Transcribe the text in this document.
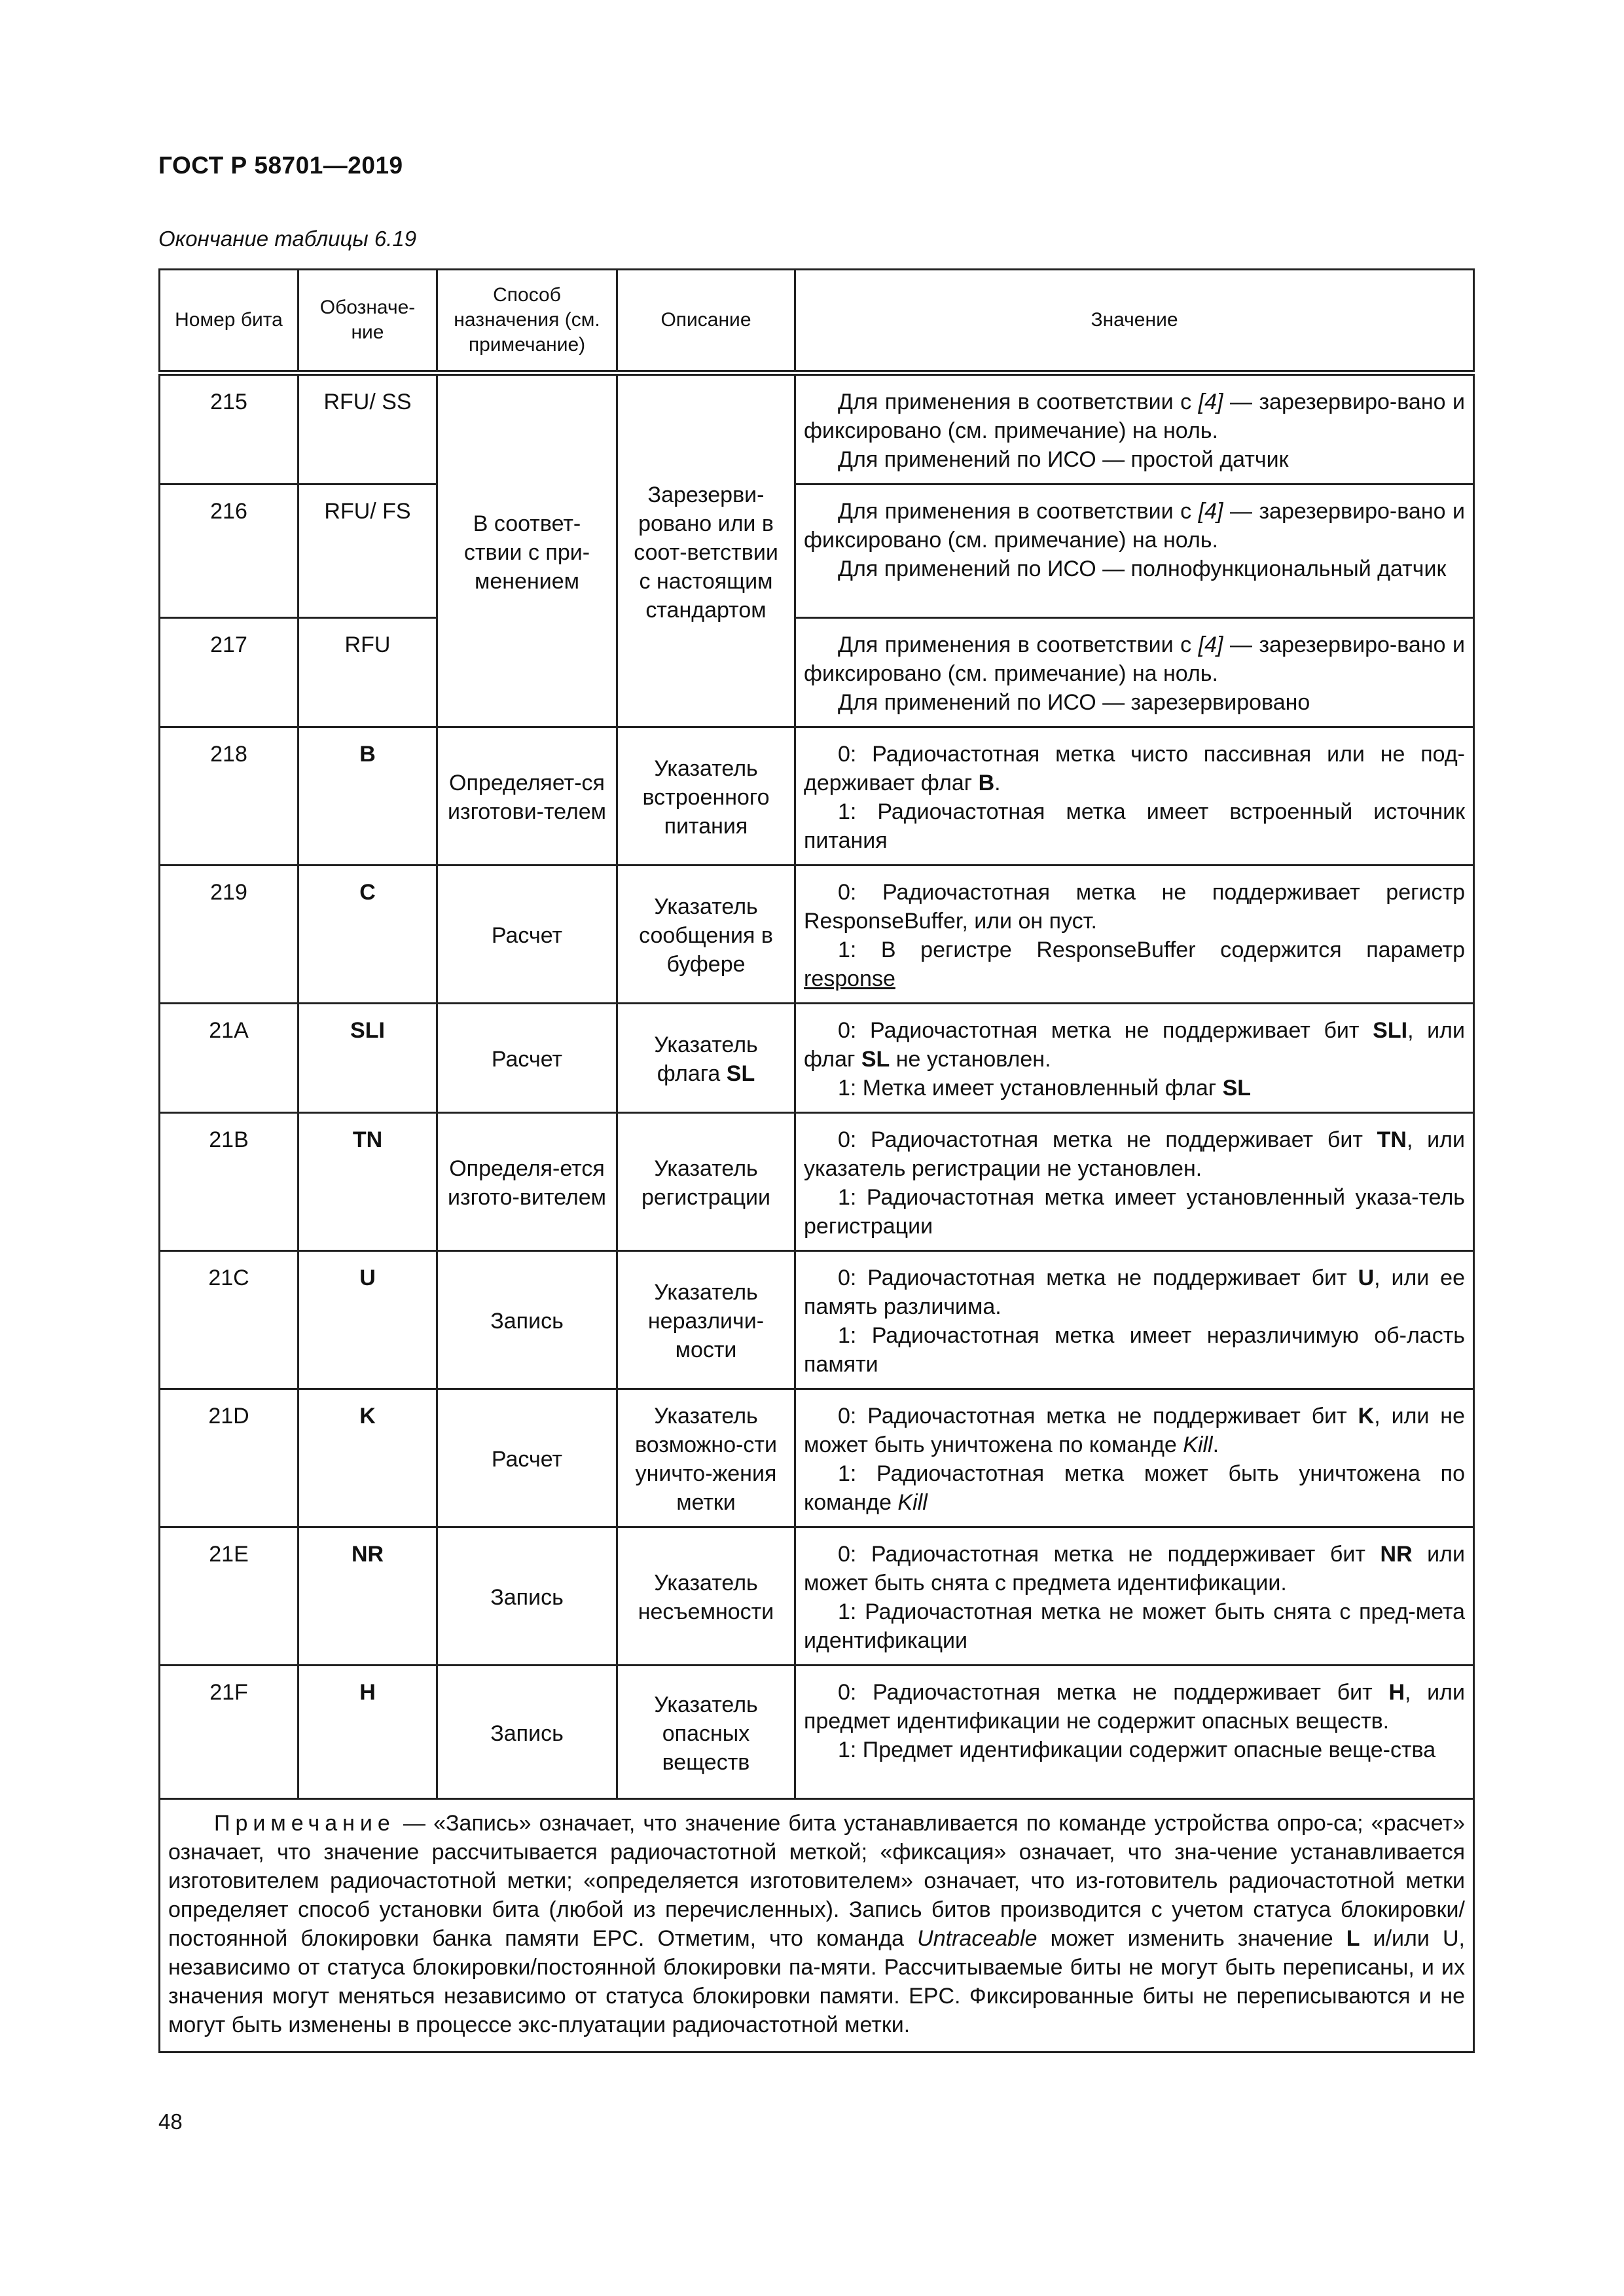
ГОСТ Р 58701—2019
Окончание таблицы 6.19
Номер бита	Обозначе-ние	Способ назначения (см. примечание)	Описание	Значение
215	RFU/ SS	В соответ-ствии с при-менением	Зарезерви-ровано или в соот-ветствии с настоящим стандартом	Для применения в соответствии с [4] — зарезервиро-вано и фиксировано (см. примечание) на ноль.

Для применений по ИСО — простой датчик

216	RFU/ FS			Для применения в соответствии с [4] — зарезервиро-вано и фиксировано (см. примечание) на ноль.

Для применений по ИСО — полнофункциональный датчик

217	RFU			Для применения в соответствии с [4] — зарезервиро-вано и фиксировано (см. примечание) на ноль.

Для применений по ИСО — зарезервировано

218	B	Определяет-ся изготови-телем	Указатель встроенного питания	0: Радиочастотная метка чисто пассивная или не под-держивает флаг B.

1: Радиочастотная метка имеет встроенный источник питания

219	C	Расчет	Указатель сообщения в буфере	0: Радиочастотная метка не поддерживает регистр ResponseBuffer, или он пуст.

1: В регистре ResponseBuffer содержится параметр response

21A	SLI	Расчет	Указатель флага SL	0: Радиочастотная метка не поддерживает бит SLI, или флаг SL не установлен.

1: Метка имеет установленный флаг SL

21B	TN	Определя-ется изгото-вителем	Указатель регистрации	0: Радиочастотная метка не поддерживает бит TN, или указатель регистрации не установлен.

1: Радиочастотная метка имеет установленный указа-тель регистрации

21C	U	Запись	Указатель неразличи-мости	0: Радиочастотная метка не поддерживает бит U, или ее память различима.

1: Радиочастотная метка имеет неразличимую об-ласть памяти

21D	K	Расчет	Указатель возможно-сти уничто-жения метки	0: Радиочастотная метка не поддерживает бит K, или не может быть уничтожена по команде Kill.

1: Радиочастотная метка может быть уничтожена по команде Kill

21E	NR	Запись	Указатель несъемности	0: Радиочастотная метка не поддерживает бит NR или может быть снята с предмета идентификации.

1: Радиочастотная метка не может быть снята с пред-мета идентификации

21F	H	Запись	Указатель опасных веществ	0: Радиочастотная метка не поддерживает бит H, или предмет идентификации не содержит опасных веществ.

1: Предмет идентификации содержит опасные веще-ства

Примечание — «Запись» означает, что значение бита устанавливается по команде устройства опро-са; «расчет» означает, что значение рассчитывается радиочастотной меткой; «фиксация» означает, что зна-чение устанавливается изготовителем радиочастотной метки; «определяется изготовителем» означает, что из-готовитель радиочастотной метки определяет способ установки бита (любой из перечисленных). Запись битов производится с учетом статуса блокировки/постоянной блокировки банка памяти EPC. Отметим, что команда Untraceable может изменить значение L и/или U, независимо от статуса блокировки/постоянной блокировки па-мяти. Рассчитываемые биты не могут быть переписаны, и их значения могут меняться независимо от статуса блокировки памяти. EPC. Фиксированные биты не переписываются и не могут быть изменены в процессе экс-плуатации радиочастотной метки.				

48
